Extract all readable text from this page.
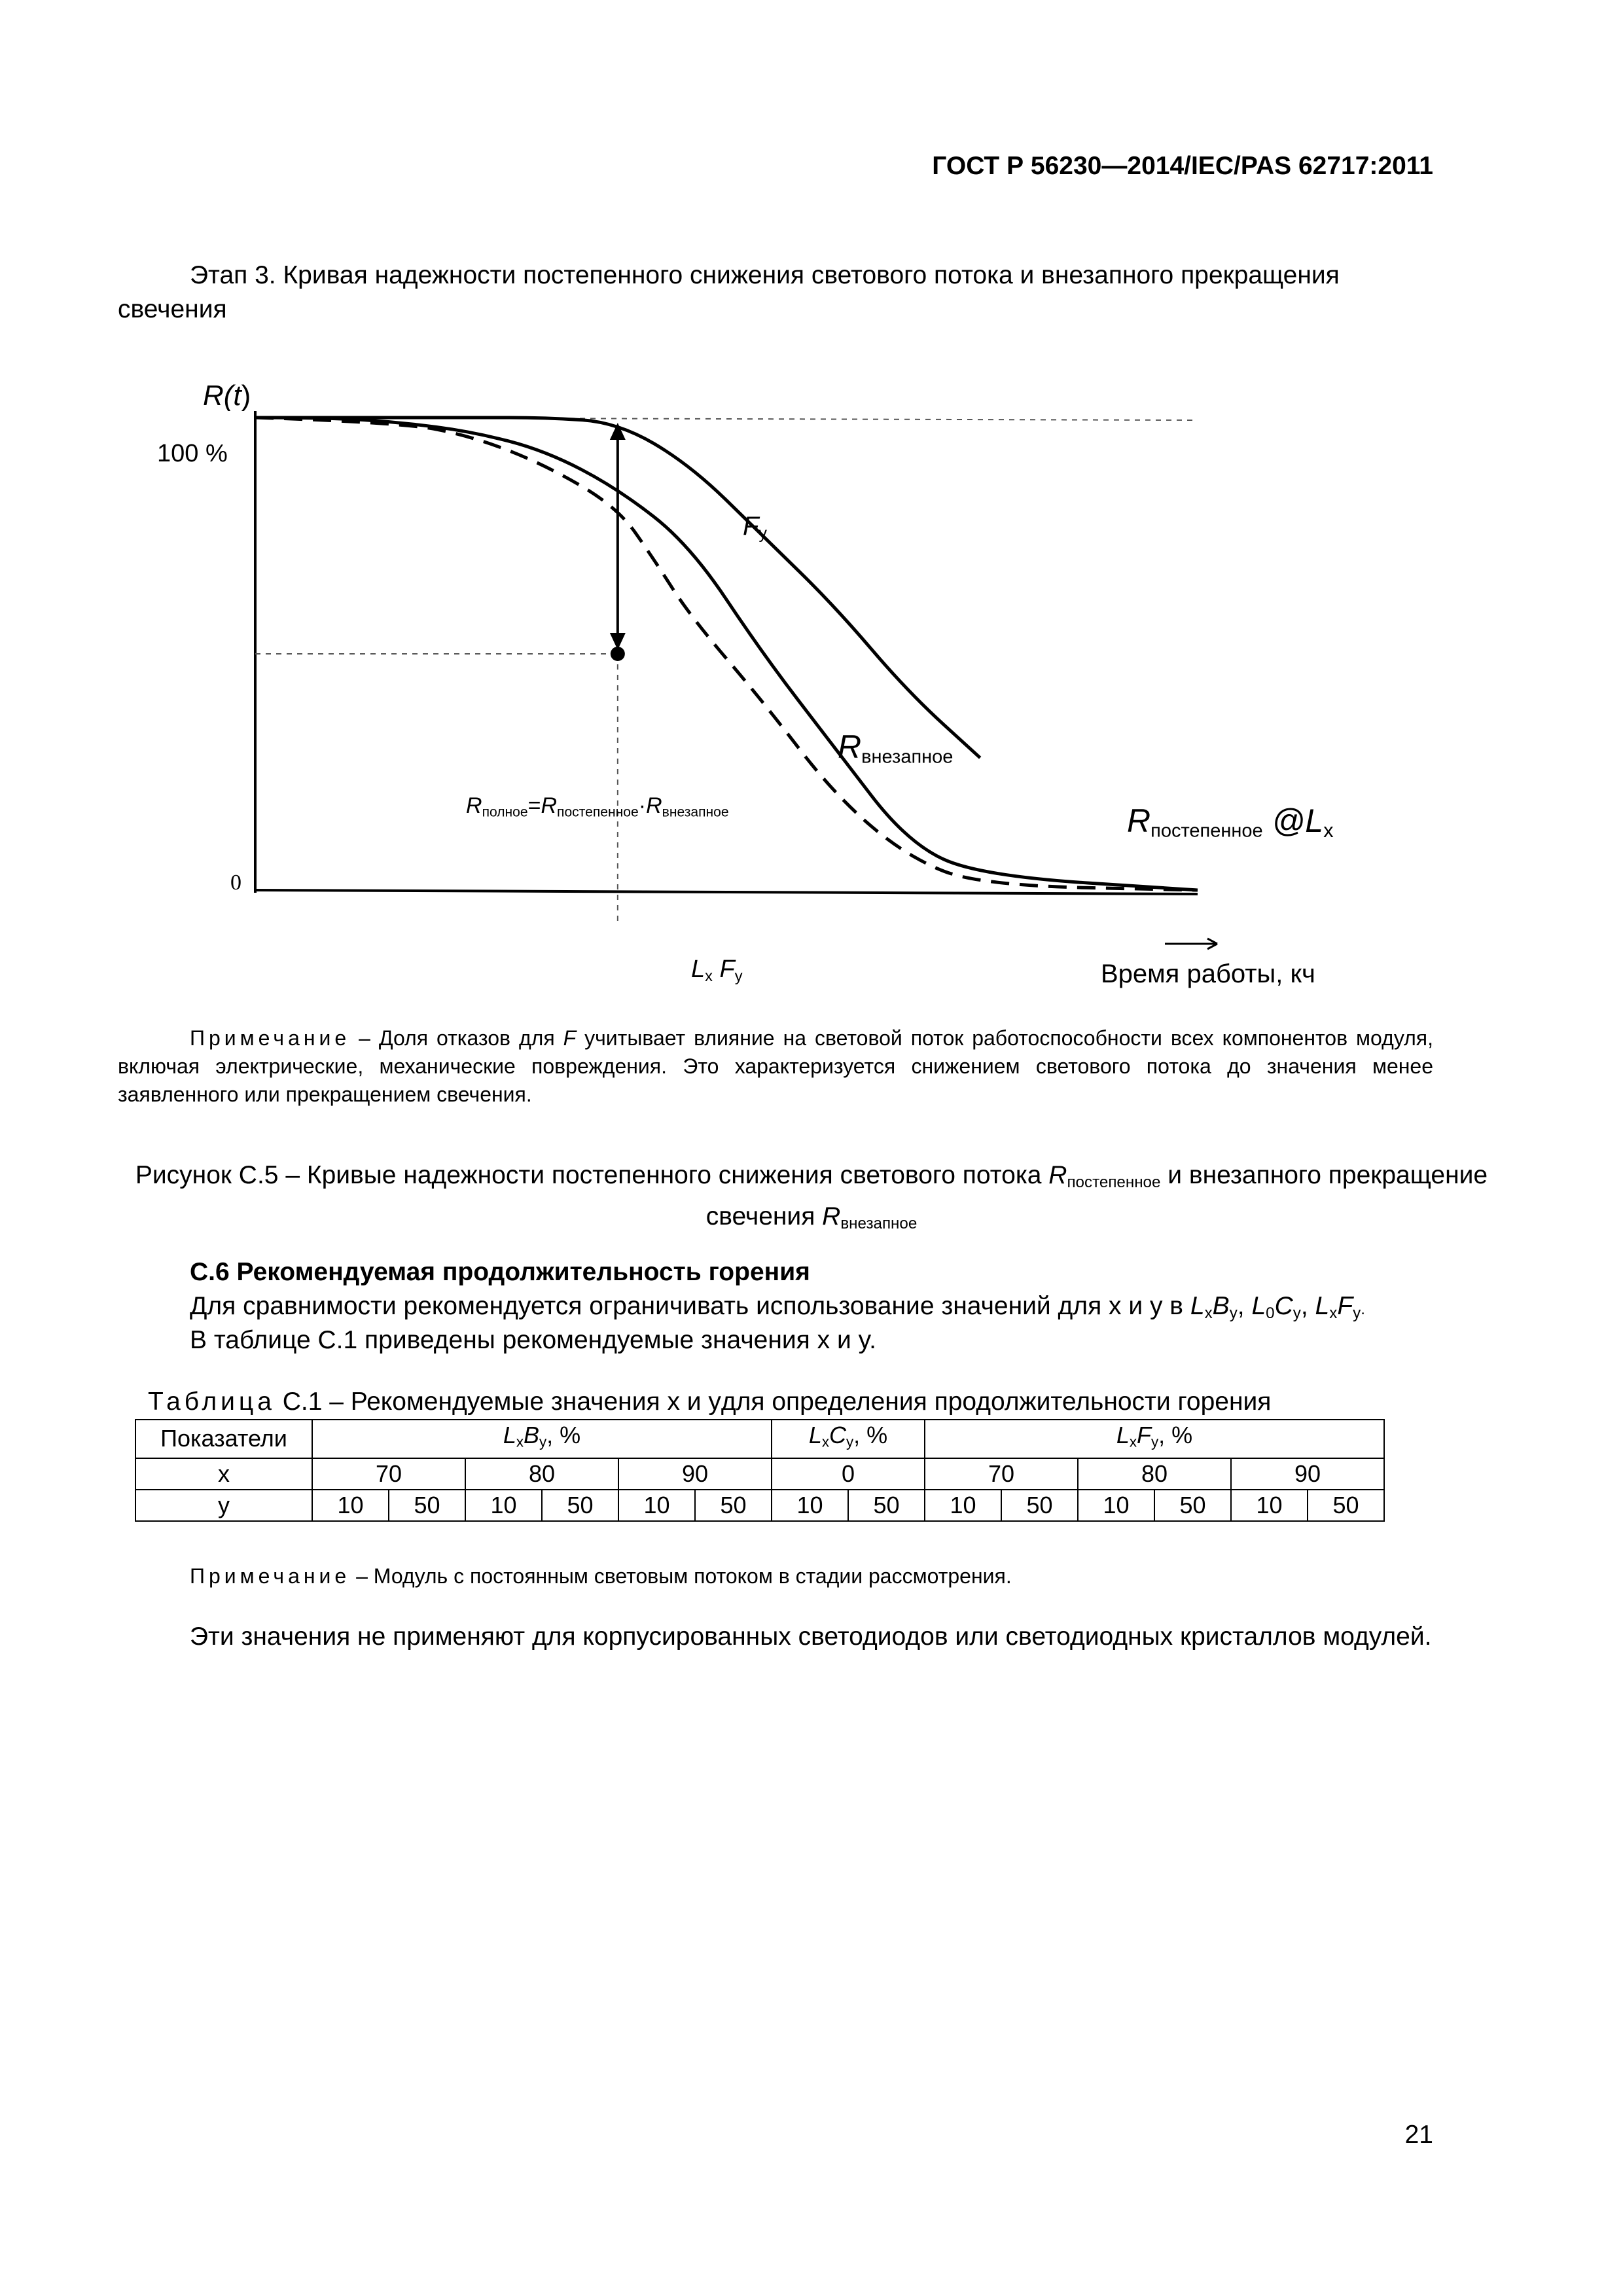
ГОСТ Р 56230—2014/IEC/PAS 62717:2011
Этап 3. Кривая надежности постепенного снижения светового потока и внезапного прекращения свечения
R(t)
100 %
0
$F_y$
$R_{внезапное}$
$R_{полное}=R_{постепенное}\cdot R_{внезапное}$	$R_{постепенное}$ $@L_x$
$L_x$ $F_y$	Время работы, кч
Примечание – Доля отказов для F учитывает влияние на световой поток работоспособности всех компонентов модуля, включая электрические, механические повреждения. Это характеризуется снижением светового потока до значения менее заявленного или прекращением свечения.
Рисунок С.5 – Кривые надежности постепенного снижения светового потока $R_{постепенное}$ и внезапного прекращение свечения $R_{внезапное}$
С.6 Рекомендуемая продолжительность горения
Для сравнимости рекомендуется ограничивать использование значений для x и y в $L_xB_y$, $L_0C_y$, $L_xF_y$.
В таблице С.1 приведены рекомендуемые значения x и y.
Таблица С.1 – Рекомендуемые значения x и yдля определения продолжительности горения
Показатели	$L_xB_y$, %						$L_xC_y$, %		$L_xF_y$, %					
x	70		80		90		0		70		80		90	
y	10	50	10	50	10	50	10	50	10	50	10	50	10	50
Примечание – Модуль с постоянным световым потоком в стадии рассмотрения.
Эти значения не применяют для корпусированных светодиодов или светодиодных кристаллов модулей.
21
